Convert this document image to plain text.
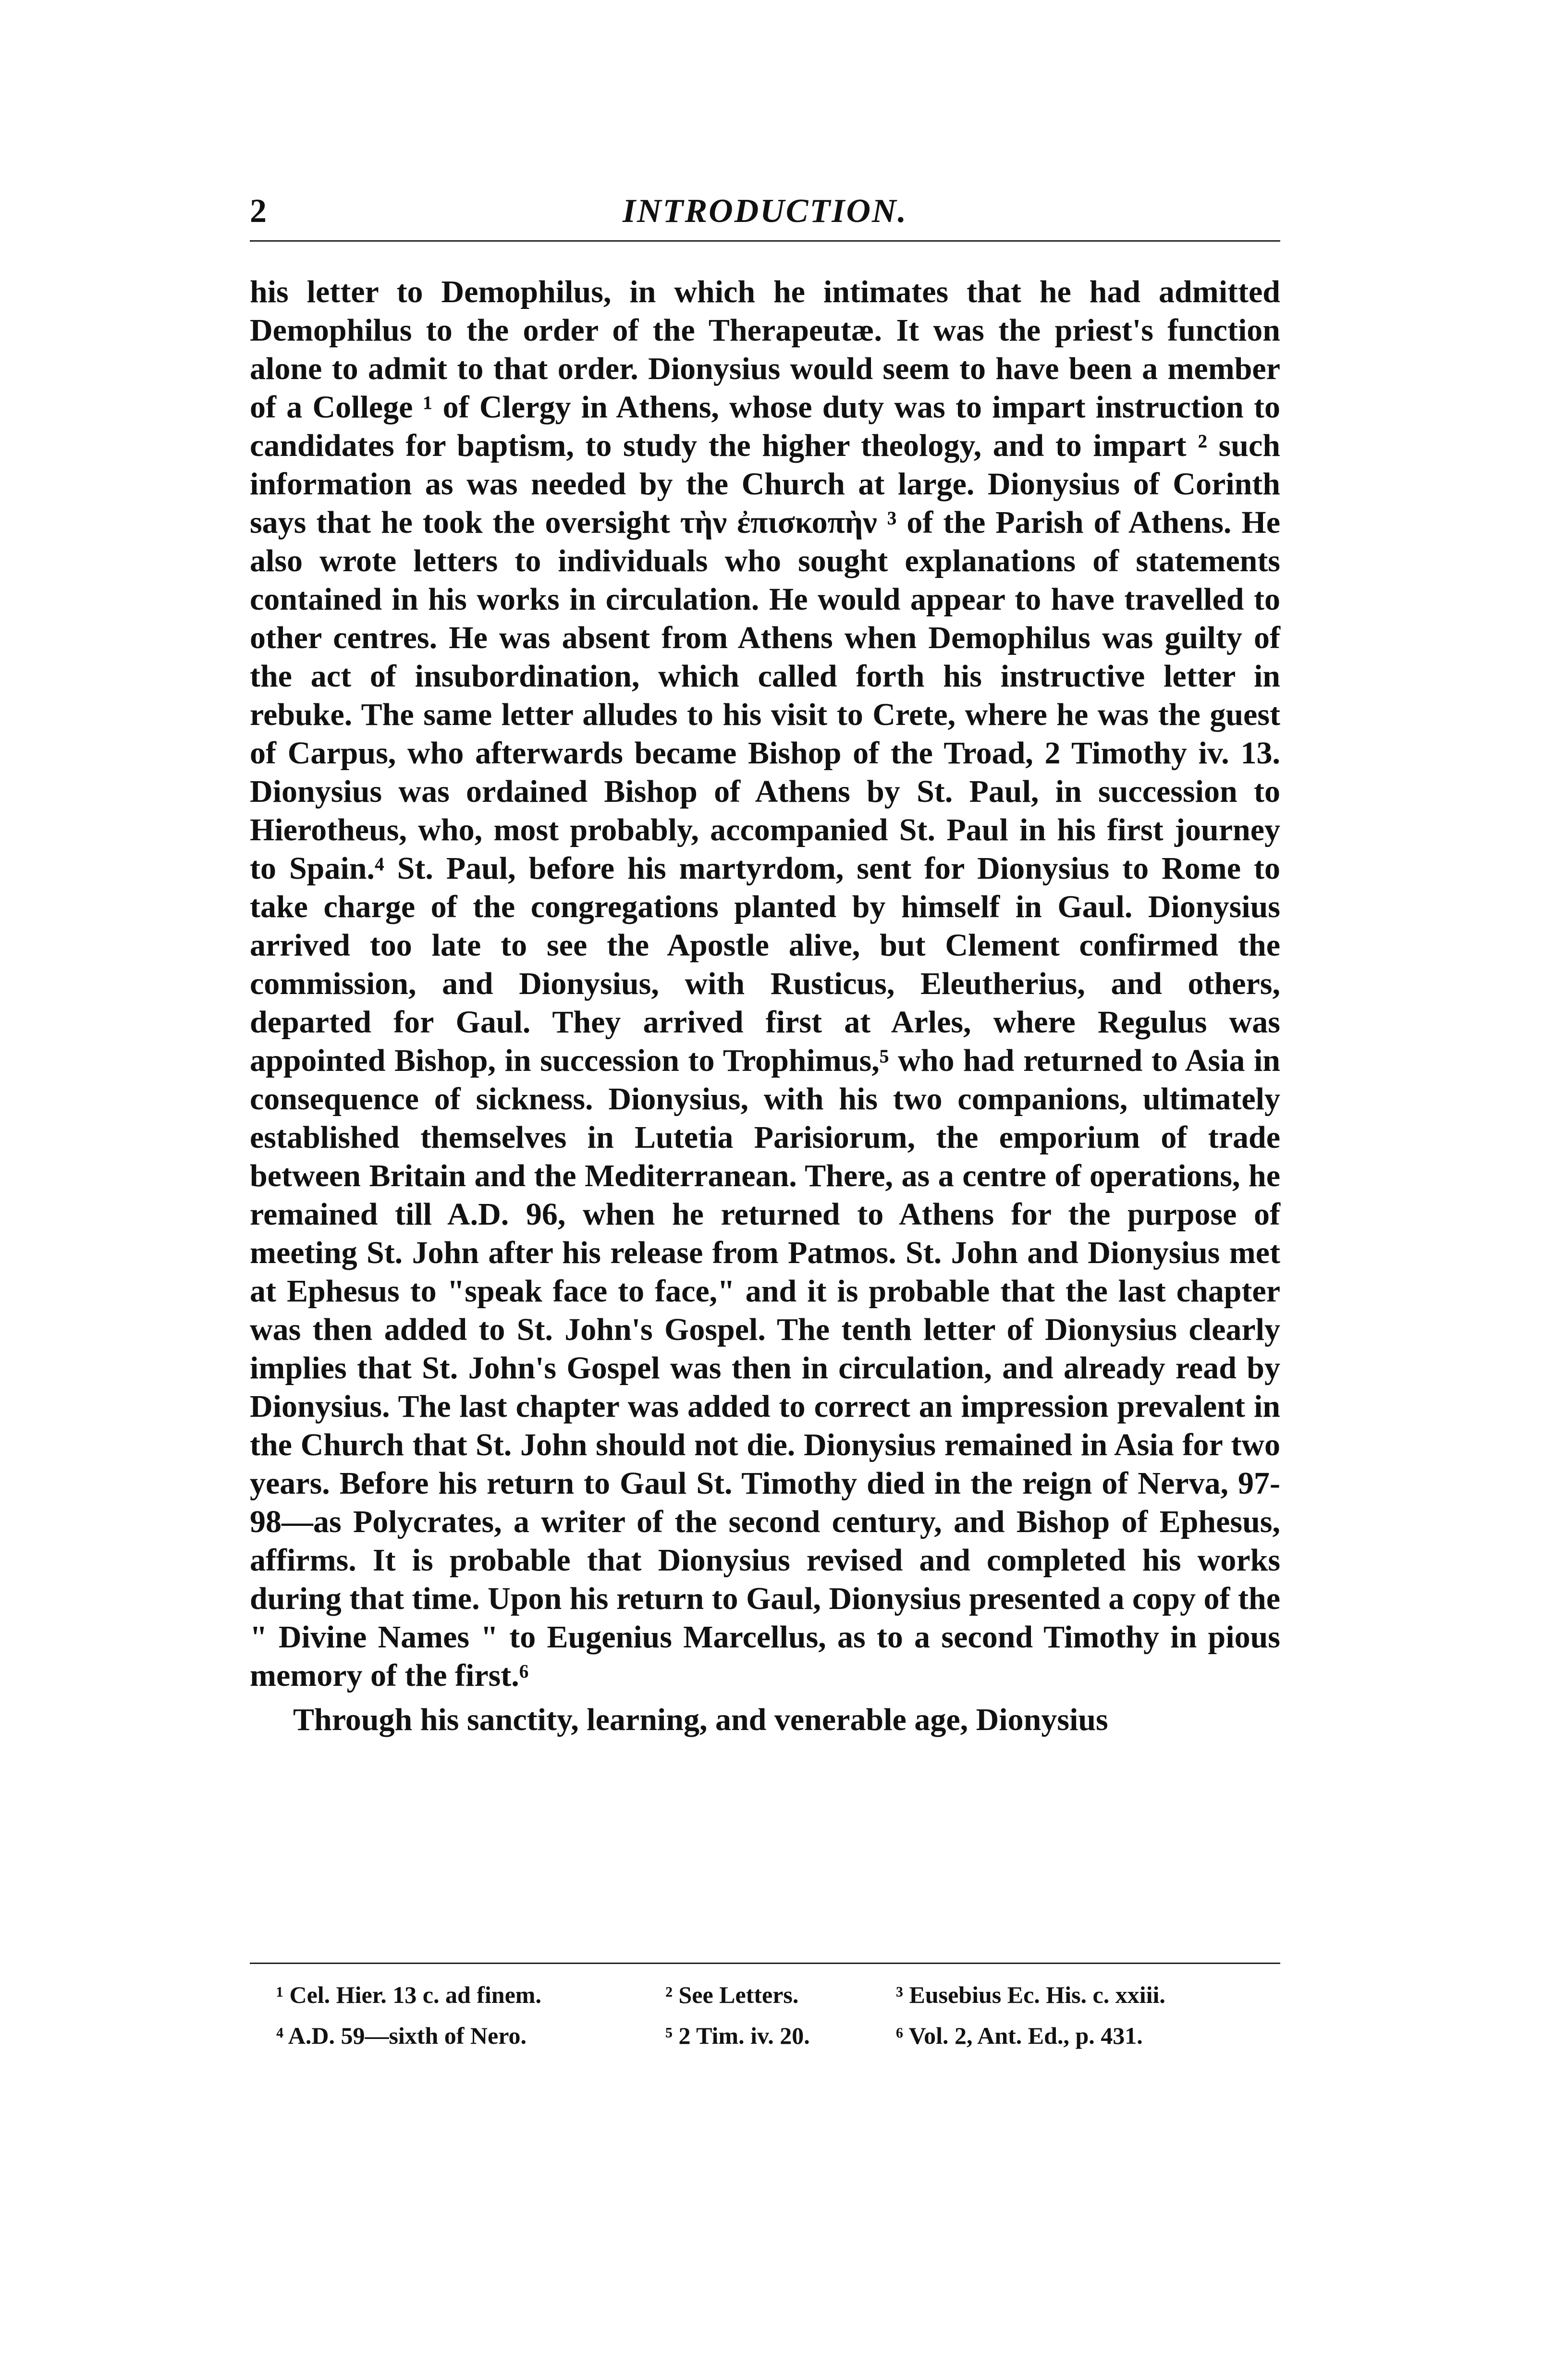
2	INTRODUCTION.

his letter to Demophilus, in which he intimates that he had admitted Demophilus to the order of the Therapeutæ. It was the priest's function alone to admit to that order. Dionysius would seem to have been a member of a College ¹ of Clergy in Athens, whose duty was to impart instruction to candidates for baptism, to study the higher theology, and to impart ² such information as was needed by the Church at large. Dionysius of Corinth says that he took the oversight τὴν ἐπισκοπὴν ³ of the Parish of Athens. He also wrote letters to individuals who sought explanations of statements contained in his works in circulation. He would appear to have travelled to other centres. He was absent from Athens when Demophilus was guilty of the act of insubordination, which called forth his instructive letter in rebuke. The same letter alludes to his visit to Crete, where he was the guest of Carpus, who afterwards became Bishop of the Troad, 2 Timothy iv. 13. Dionysius was ordained Bishop of Athens by St. Paul, in succession to Hierotheus, who, most probably, accompanied St. Paul in his first journey to Spain.⁴ St. Paul, before his martyrdom, sent for Dionysius to Rome to take charge of the congregations planted by himself in Gaul. Dionysius arrived too late to see the Apostle alive, but Clement confirmed the commission, and Dionysius, with Rusticus, Eleutherius, and others, departed for Gaul. They arrived first at Arles, where Regulus was appointed Bishop, in succession to Trophimus,⁵ who had returned to Asia in consequence of sickness. Dionysius, with his two companions, ultimately established themselves in Lutetia Parisiorum, the emporium of trade between Britain and the Mediterranean. There, as a centre of operations, he remained till A.D. 96, when he returned to Athens for the purpose of meeting St. John after his release from Patmos. St. John and Dionysius met at Ephesus to "speak face to face," and it is probable that the last chapter was then added to St. John's Gospel. The tenth letter of Dionysius clearly implies that St. John's Gospel was then in circulation, and already read by Dionysius. The last chapter was added to correct an impression prevalent in the Church that St. John should not die. Dionysius remained in Asia for two years. Before his return to Gaul St. Timothy died in the reign of Nerva, 97-98—as Polycrates, a writer of the second century, and Bishop of Ephesus, affirms. It is probable that Dionysius revised and completed his works during that time. Upon his return to Gaul, Dionysius presented a copy of the " Divine Names " to Eugenius Marcellus, as to a second Timothy in pious memory of the first.⁶

Through his sanctity, learning, and venerable age, Dionysius

¹ Cel. Hier. 13 c. ad finem.	² See Letters.	³ Eusebius Ec. His. c. xxiii.
⁴ A.D. 59—sixth of Nero.	⁵ 2 Tim. iv. 20.	⁶ Vol. 2, Ant. Ed., p. 431.
